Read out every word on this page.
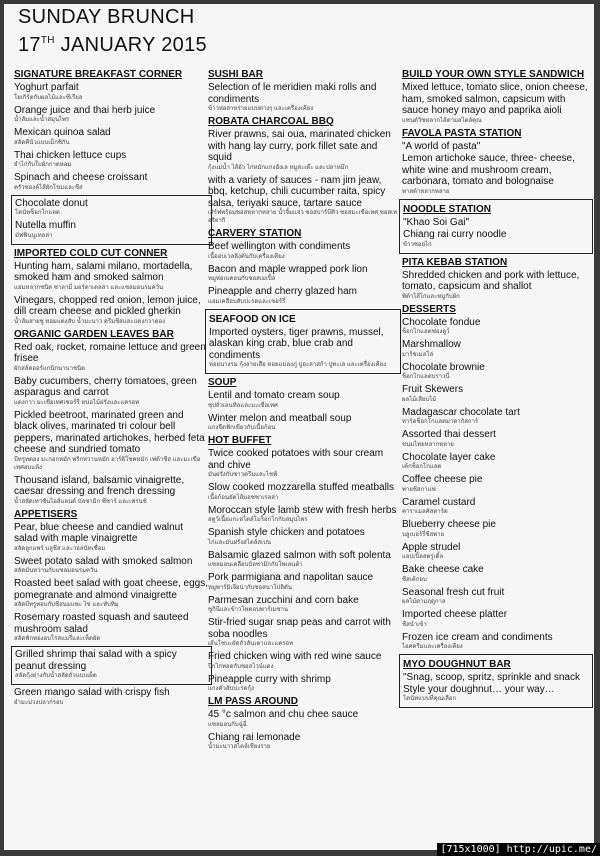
SUNDAY BRUNCH
17TH JANUARY 2015
SIGNATURE BREAKFAST CORNER
Yoghurt parfait
โยเกิร์ตกับผลไม้และซีเรียล
Orange juice and thai herb juice
น้ำส้มและน้ำสมุนไพร
Mexican quinoa salad
สลัดคีนัวแบบเม็กซิกัน
Thai chicken lettuce cups
ยำไก่กับใบผักกาดหอม
Spinach and cheese croissant
ครัวซองต์ไส้ผักโขมและชีส
Chocolate donut
โดนัทช็อกโกแลต
Nutella muffin
มัฟฟินนูเทลล่า
IMPORTED COLD CUT CONNER
Hunting ham, salami milano, mortadella, smoked ham and smoked salmon
แฮมหลากชนิด ซาลามี่ มอร์ตาเดลล่า และแซลมอนรมควัน
Vinegars, chopped red onion, lemon juice, dill cream cheese and pickled gherkin
น้ำส้มสายชู หอมแดงสับ น้ำมะนาว ครีมชีสและแตงกวาดอง
ORGANIC GARDEN LEAVES BAR
Red oak, rocket, romaine lettuce and green frisee
ผักสลัดออร์แกนิกนานาชนิด
Baby cucumbers, cherry tomatoes, green asparagus and carrot
แตงกวา มะเขือเทศเชอร์รี่ หน่อไม้ฝรั่งและแครอท
Pickled beetroot, marinated green and black olives, marinated tri colour bell peppers, marinated artichokes, herbed feta cheese and sundried tomato
บีทรูทดอง มะกอกหมัก พริกหวานหมัก อาร์ติโชคหมัก เฟต้าชีส และมะเขือเทศอบแห้ง
Thousand island, balsamic vinaigrette, caesar dressing and french dressing
น้ำสลัดเทาซันไอส์แลนด์ บัลซามิก ซีซาร์ และเฟรนช์
APPETISERS
Pear, blue cheese and candied walnut salad with maple vinaigrette
สลัดลูกแพร์ บลูชีส และวอลนัทเชื่อม
Sweet potato salad with smoked salmon
สลัดมันหวานกับแซลมอนรมควัน
Roasted beet salad with goat cheese, eggs, pomegranate and almond vinaigrette
สลัดบีทรูทอบกับชีสนมแพะ ไข่ และทับทิม
Rosemary roasted squash and sauteed mushroom salad
สลัดฟักทองอบโรสแมรี่และเห็ดผัด
Grilled shrimp thai salad with a spicy peanut dressing
สลัดกุ้งย่างกับน้ำสลัดถั่วแบบเผ็ด
Green mango salad with crispy fish
ยำมะม่วงปลากรอบ
SUSHI BAR
Selection of le meridien maki rolls and condiments
ข้าวห่อสาหร่ายแบบต่างๆ และเครื่องเคียง
ROBATA CHARCOAL BBQ
River prawns, sai oua, marinated chicken with hang lay curry, pork fillet sate and squid
กุ้งแม่น้ำ ไส้อั่ว ไก่หมักแกงฮังเล หมูสะเต๊ะ และปลาหมึก
with a variety of sauces - nam jim jeaw, bbq, ketchup, chili cucumber raita, spicy salsa, teriyaki sauce, tartare sauce
เสิร์ฟพร้อมซอสหลากหลาย น้ำจิ้มแจ่ว ซอสบาร์บีคิว ซอสมะเขือเทศ ซอสเทอริยากิ
CARVERY STATION
Beef wellington with condiments
เนื้ออบเวลลิงตันกับเครื่องเคียง
Bacon and maple wrapped pork lion
หมูห่อเบคอนกับซอสเมเปิ้ล
Pineapple and cherry glazed ham
แฮมเคลือบสับปะรดและเชอร์รี่
SEAFOOD ON ICE
Imported oysters, tiger prawns, mussel, alaskan king crab, blue crab and condiments
หอยนางรม กุ้งลายเสือ หอยแมลงภู่ ปูอะลาสก้า ปูทะเล และเครื่องเคียง
SOUP
Lentil and tomato cream soup
ซุปถั่วเลนทิลและมะเขือเทศ
Winter melon and meatball soup
แกงจืดฟักเขียวกับเนื้อก้อน
HOT BUFFET
Twice cooked potatoes with sour cream and chive
มันฝรั่งกับซาวครีมและไชฟ์
Slow cooked mozzarella stuffed meatballs
เนื้อก้อนยัดไส้มอซซาเรลล่า
Moroccan style lamb stew with fresh herbs
สตูว์เนื้อแกะสไตล์โมร็อกโกกับสมุนไพร
Spanish style chicken and potatoes
ไก่และมันฝรั่งสไตล์สเปน
Balsamic glazed salmon with soft polenta
แซลมอนเคลือบบัลซามิกกับโพเลนต้า
Pork parmigiana and napolitan sauce
หมูพาร์มิเจียน่ากับซอสนาโปลิตัน
Parmesan zucchini and corn bake
ซูกินีและข้าวโพดอบพาร์เมซาน
Stir-fried sugar snap peas and carrot with soba noodles
เส้นโซบะผัดถั่วลันเตาและแครอท
Fried chicken wing with red wine sauce
ปีกไก่ทอดกับซอสไวน์แดง
Pineapple curry with shrimp
แกงคั่วสับปะรดกุ้ง
LM PASS AROUND
45 °c salmon and chu chee sauce
แซลมอนกับฉู่ฉี่
Chiang rai lemonade
น้ำมะนาวสไตล์เชียงราย
BUILD YOUR OWN STYLE SANDWICH
Mixed lettuce, tomato slice, onion cheese, ham, smoked salmon, capsicum with sauce honey mayo and paprika aioli
แซนด์วิชหลากไส้ตามสไตล์คุณ
FAVOLA PASTA STATION
"A world of pasta"
Lemon artichoke sauce, three- cheese, white wine and mushroom cream, carbonara, tomato and bolognaise
พาสต้าหลากหลาย
NOODLE STATION
"Khao Soi Gai"
Chiang rai curry noodle
ข้าวซอยไก่
PITA KEBAB STATION
Shredded chicken and pork with lettuce, tomato, capsicum and shallot
พิต้าไส้ไก่และหมูกับผัก
DESSERTS
Chocolate fondue
ช็อกโกแลตฟองดูว์
Marshmallow
มาร์ชเมลโล่
Chocolate brownie
ช็อกโกแลตบราวนี่
Fruit Skewers
ผลไม้เสียบไม้
Madagascar chocolate tart
ทาร์ตช็อกโกแลตมาดากัสการ์
Assorted thai dessert
ขนมไทยหลากหลาย
Chocolate layer cake
เค้กช็อกโกแลต
Coffee cheese pie
พายชีสกาแฟ
Caramel custard
คาราเมลคัสตาร์ด
Blueberry cheese pie
บลูเบอร์รี่ชีสพาย
Apple strudel
แอปเปิ้ลสตรูเดิ้ล
Bake cheese cake
ชีสเค้กอบ
Seasonal fresh cut fruit
ผลไม้ตามฤดูกาล
Imported cheese platter
ชีสนำเข้า
Frozen ice cream and condiments
ไอศครีมและเครื่องเคียง
MYO DOUGHNUT BAR
"Snag, scoop, spritz, sprinkle and snack Style your doughnut… your way…
โดนัทแบบที่คุณเลือก
[715x1000] http://upic.me/
